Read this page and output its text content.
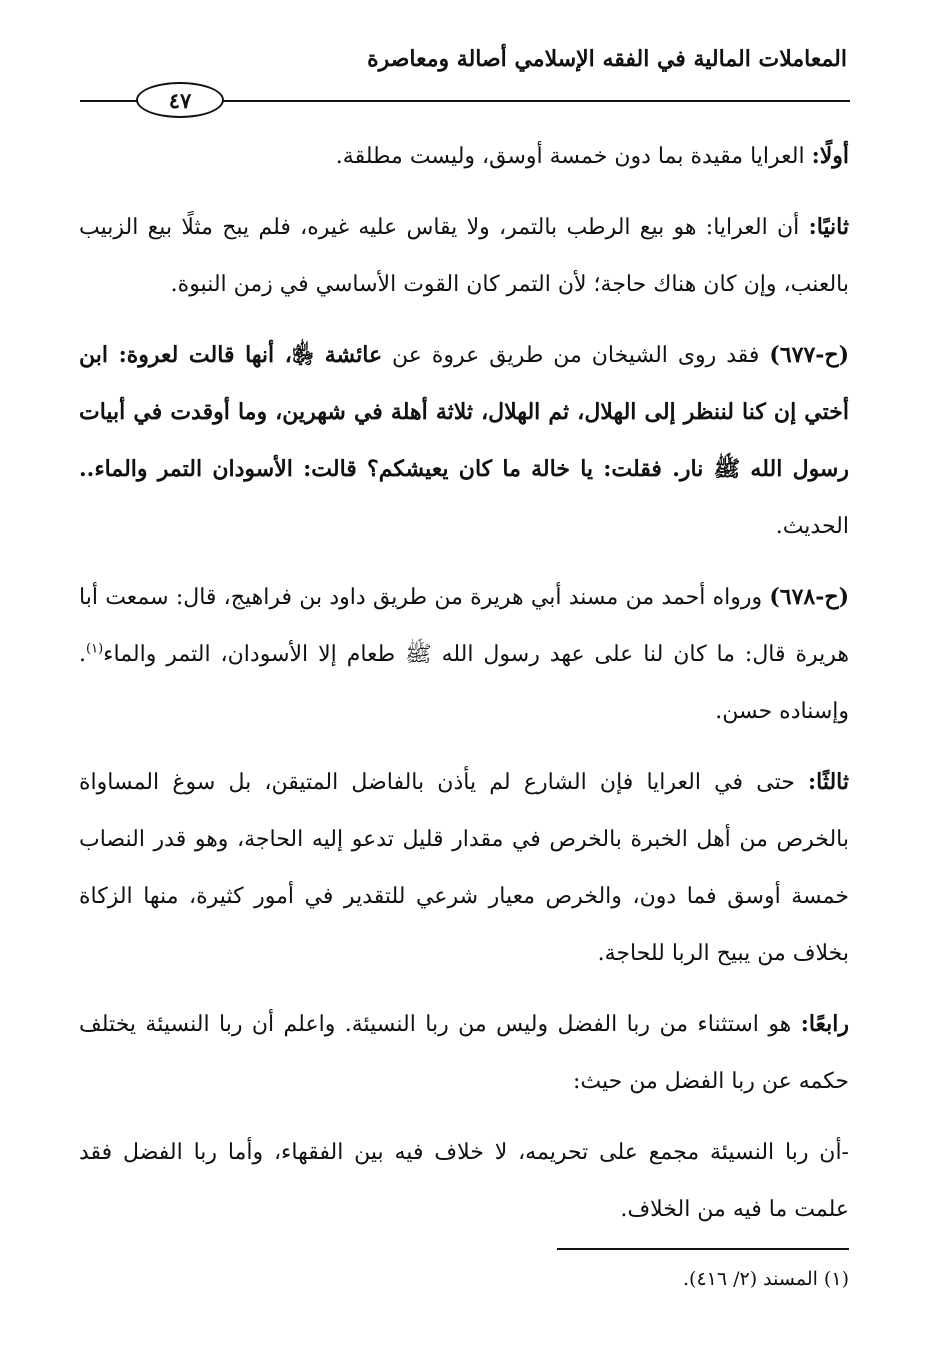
المعاملات المالية في الفقه الإسلامي أصالة ومعاصرة
٤٧

أولًا: العرايا مقيدة بما دون خمسة أوسق، وليست مطلقة.

ثانيًا: أن العرايا: هو بيع الرطب بالتمر، ولا يقاس عليه غيره، فلم يبح مثلًا بيع الزبيب بالعنب، وإن كان هناك حاجة؛ لأن التمر كان القوت الأساسي في زمن النبوة.

(ح-٦٧٧) فقد روى الشيخان من طريق عروة عن عائشة ﵂، أنها قالت لعروة: ابن أختي إن كنا لننظر إلى الهلال، ثم الهلال، ثلاثة أهلة في شهرين، وما أوقدت في أبيات رسول الله ﷺ نار. فقلت: يا خالة ما كان يعيشكم؟ قالت: الأسودان التمر والماء.. الحديث.

(ح-٦٧٨) ورواه أحمد من مسند أبي هريرة من طريق داود بن فراهيج، قال: سمعت أبا هريرة قال: ما كان لنا على عهد رسول الله ﷺ طعام إلا الأسودان، التمر والماء$^{(١)}$. وإسناده حسن.

ثالثًا: حتى في العرايا فإن الشارع لم يأذن بالفاضل المتيقن، بل سوغ المساواة بالخرص من أهل الخبرة بالخرص في مقدار قليل تدعو إليه الحاجة، وهو قدر النصاب خمسة أوسق فما دون، والخرص معيار شرعي للتقدير في أمور كثيرة، منها الزكاة بخلاف من يبيح الربا للحاجة.

رابعًا: هو استثناء من ربا الفضل وليس من ربا النسيئة. واعلم أن ربا النسيئة يختلف حكمه عن ربا الفضل من حيث:

-أن ربا النسيئة مجمع على تحريمه، لا خلاف فيه بين الفقهاء، وأما ربا الفضل فقد علمت ما فيه من الخلاف.

(١) المسند (٢/ ٤١٦).
